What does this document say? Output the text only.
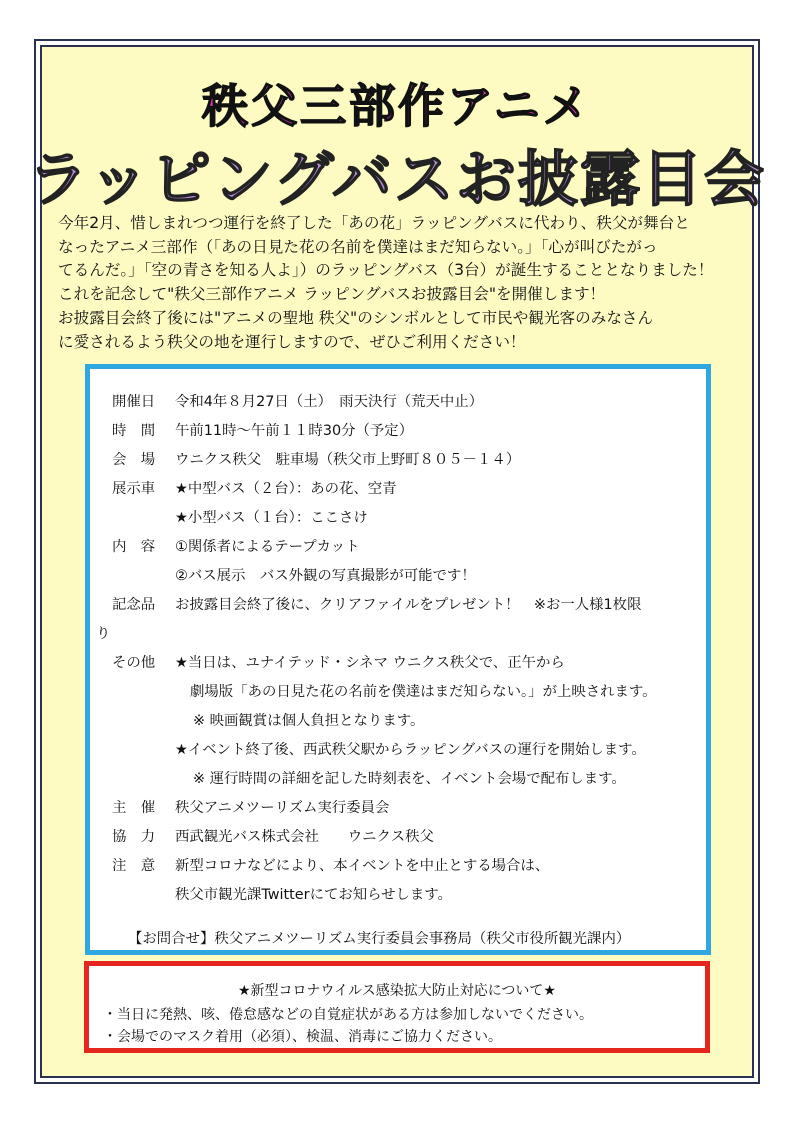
秩父三部作アニメ
ラッピングバスお披露目会

今年2月、惜しまれつつ運行を終了した「あの花」ラッピングバスに代わり、秩父が舞台と

なったアニメ三部作（「あの日見た花の名前を僕達はまだ知らない。」「心が叫びたがっ

てるんだ。」「空の青さを知る人よ」）のラッピングバス（3台）が誕生することとなりました！

これを記念して"秩父三部作アニメ ラッピングバスお披露目会"を開催します！

お披露目会終了後には"アニメの聖地 秩父"のシンボルとして市民や観光客のみなさん

に愛されるよう秩父の地を運行しますので、ぜひご利用ください！

開催日 令和4年８月27日（土）　雨天決行（荒天中止）
時　間 午前11時～午前１１時30分（予定）
会　場 ウニクス秩父　駐車場（秩父市上野町８０５－１４）
展示車 ★中型バス（２台）：あの花、空青
★小型バス（１台）：ここさけ
内　容 ①関係者によるテープカット
②バス展示　バス外観の写真撮影が可能です！
記念品 お披露目会終了後に、クリアファイルをプレゼント！　※お一人様1枚限
り
その他 ★当日は、ユナイテッド・シネマ ウニクス秩父で、正午から
劇場版「あの日見た花の名前を僕達はまだ知らない。」が上映されます。
※ 映画観賞は個人負担となります。
★イベント終了後、西武秩父駅からラッピングバスの運行を開始します。
※ 運行時間の詳細を記した時刻表を、イベント会場で配布します。
主　催 秩父アニメツーリズム実行委員会
協　力 西武観光バス株式会社　　ウニクス秩父
注　意 新型コロナなどにより、本イベントを中止とする場合は、
秩父市観光課Twitterにてお知らせします。
【お問合せ】秩父アニメツーリズム実行委員会事務局（秩父市役所観光課内）
★新型コロナウイルス感染拡大防止対応について★
・当日に発熱、咳、倦怠感などの自覚症状がある方は参加しないでください。
・会場でのマスク着用（必須）、検温、消毒にご協力ください。
